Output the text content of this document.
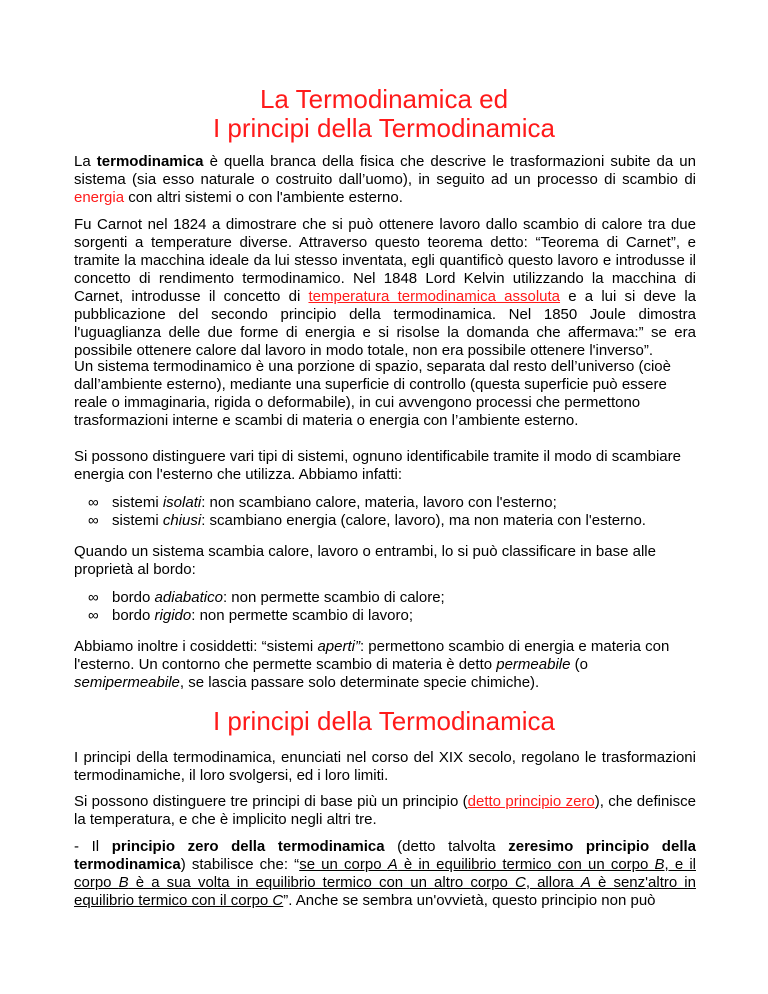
La Termodinamica ed
I principi della Termodinamica
La termodinamica è quella branca della fisica che descrive le trasformazioni subite da un sistema (sia esso naturale o costruito dall’uomo), in seguito ad un processo di scambio di energia con altri sistemi o con l'ambiente esterno.
Fu Carnot nel 1824 a dimostrare che si può ottenere lavoro dallo scambio di calore tra due sorgenti a temperature diverse. Attraverso questo teorema detto: “Teorema di Carnet”, e tramite la macchina ideale da lui stesso inventata, egli quantificò questo lavoro e introdusse il concetto di rendimento termodinamico. Nel 1848 Lord Kelvin utilizzando la macchina di Carnet, introdusse il concetto di temperatura termodinamica assoluta e a lui si deve la pubblicazione del secondo principio della termodinamica. Nel 1850 Joule dimostra l'uguaglianza delle due forme di energia e si risolse la domanda che affermava:” se era possibile ottenere calore dal lavoro in modo totale, non era possibile ottenere l'inverso”.
Un sistema termodinamico è una porzione di spazio, separata dal resto dell’universo (cioè dall’ambiente esterno), mediante una superficie di controllo (questa superficie può essere reale o immaginaria, rigida o deformabile), in cui avvengono processi che permettono trasformazioni interne e scambi di materia o energia con l’ambiente esterno.
Si possono distinguere vari tipi di sistemi, ognuno identificabile tramite il modo di scambiare energia con l'esterno che utilizza. Abbiamo infatti:
∞ sistemi isolati: non scambiano calore, materia, lavoro con l'esterno;
∞ sistemi chiusi: scambiano energia (calore, lavoro), ma non materia con l'esterno.
Quando un sistema scambia calore, lavoro o entrambi, lo si può classificare in base alle proprietà al bordo:
∞ bordo adiabatico: non permette scambio di calore;
∞ bordo rigido: non permette scambio di lavoro;
Abbiamo inoltre i cosiddetti: “sistemi aperti”: permettono scambio di energia e materia con l'esterno. Un contorno che permette scambio di materia è detto permeabile (o semipermeabile, se lascia passare solo determinate specie chimiche).
I principi della Termodinamica
I principi della termodinamica, enunciati nel corso del XIX secolo, regolano le trasformazioni termodinamiche, il loro svolgersi, ed i loro limiti.
Si possono distinguere tre principi di base più un principio (detto principio zero), che definisce la temperatura, e che è implicito negli altri tre.
- Il principio zero della termodinamica (detto talvolta zeresimo principio della termodinamica) stabilisce che: “se un corpo A è in equilibrio termico con un corpo B, e il corpo B è a sua volta in equilibrio termico con un altro corpo C, allora A è senz'altro in equilibrio termico con il corpo C”. Anche se sembra un'ovvietà, questo principio non può
